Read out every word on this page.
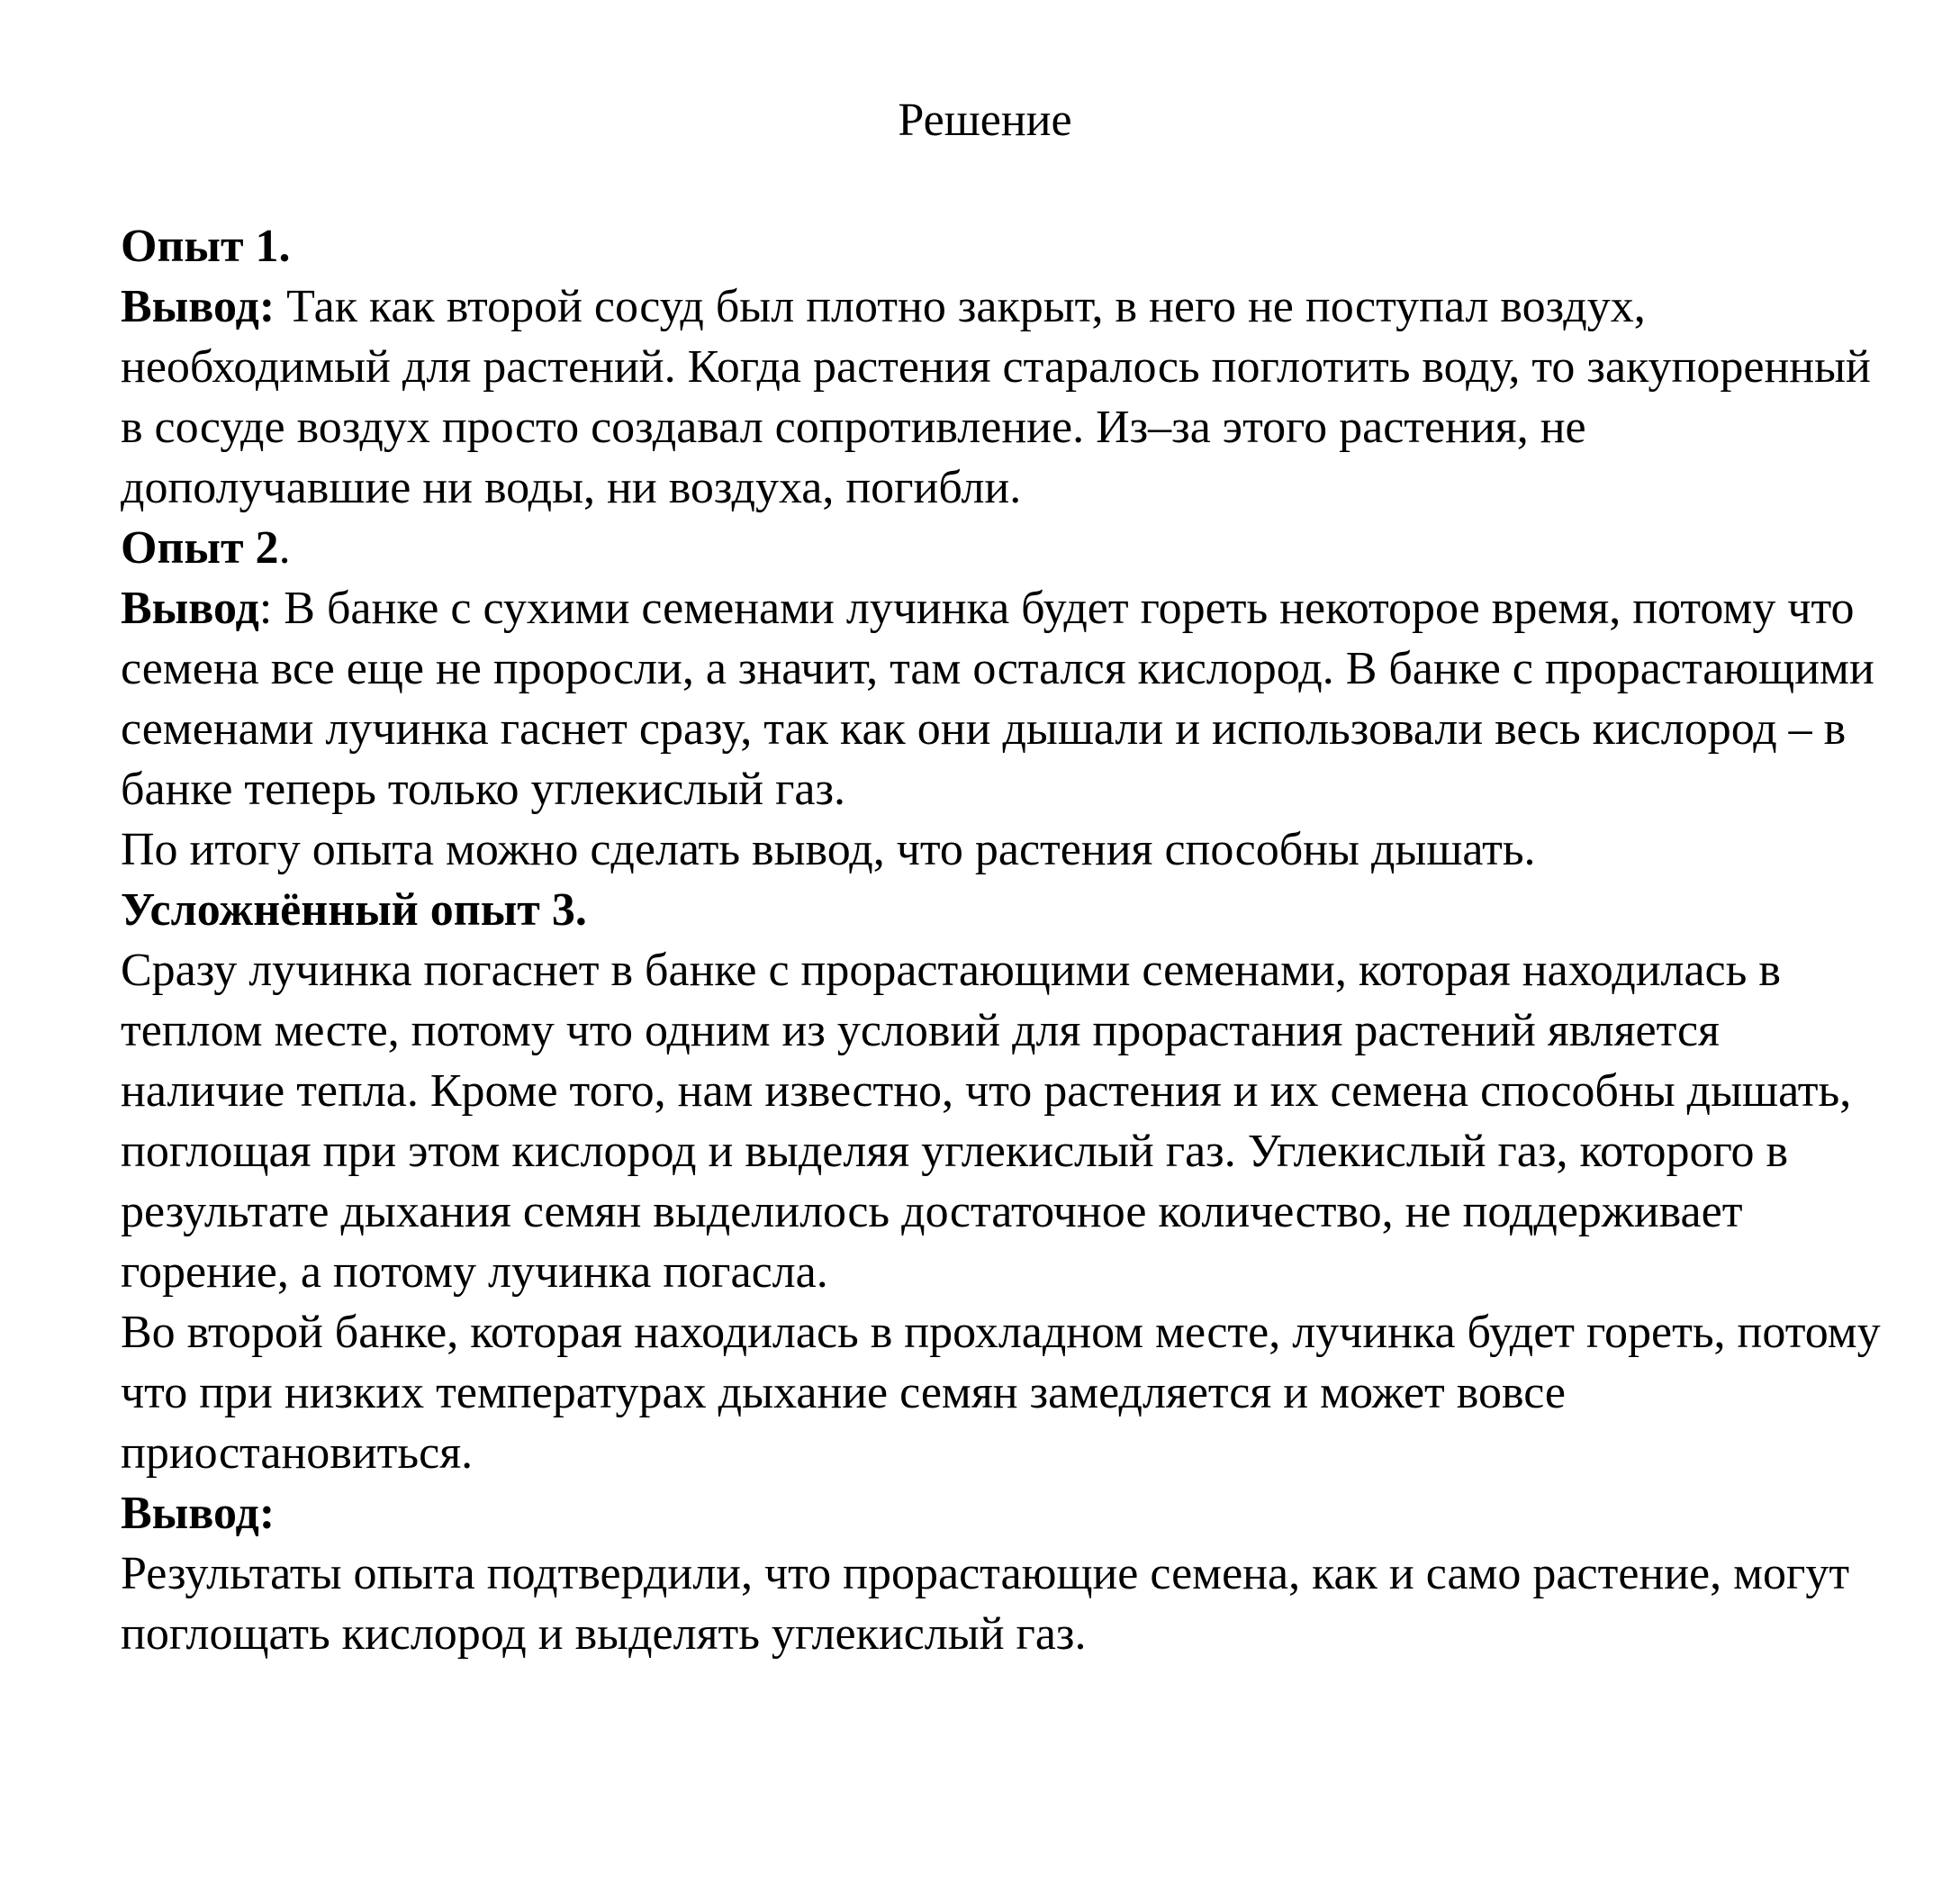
Решение

Опыт 1.

Вывод: Так как второй сосуд был плотно закрыт, в него не поступал воздух, необходимый для растений. Когда растения старалось поглотить воду, то закупоренный в сосуде воздух просто создавал сопротивление. Из–за этого растения, не дополучавшие ни воды, ни воздуха, погибли.

Опыт 2.

Вывод: В банке с сухими семенами лучинка будет гореть некоторое время, потому что семена все еще не проросли, а значит, там остался кислород. В банке с прорастающими семенами лучинка гаснет сразу, так как они дышали и использовали весь кислород – в банке теперь только углекислый газ.

По итогу опыта можно сделать вывод, что растения способны дышать.

Усложнённый опыт 3.

Сразу лучинка погаснет в банке с прорастающими семенами, которая находилась в теплом месте, потому что одним из условий для прорастания растений является наличие тепла. Кроме того, нам известно, что растения и их семена способны дышать, поглощая при этом кислород и выделяя углекислый газ. Углекислый газ, которого в результате дыхания семян выделилось достаточное количество, не поддерживает горение, а потому лучинка погасла.

Во второй банке, которая находилась в прохладном месте, лучинка будет гореть, потому что при низких температурах дыхание семян замедляется и может вовсе приостановиться.

Вывод:

Результаты опыта подтвердили, что прорастающие семена, как и само растение, могут поглощать кислород и выделять углекислый газ.
